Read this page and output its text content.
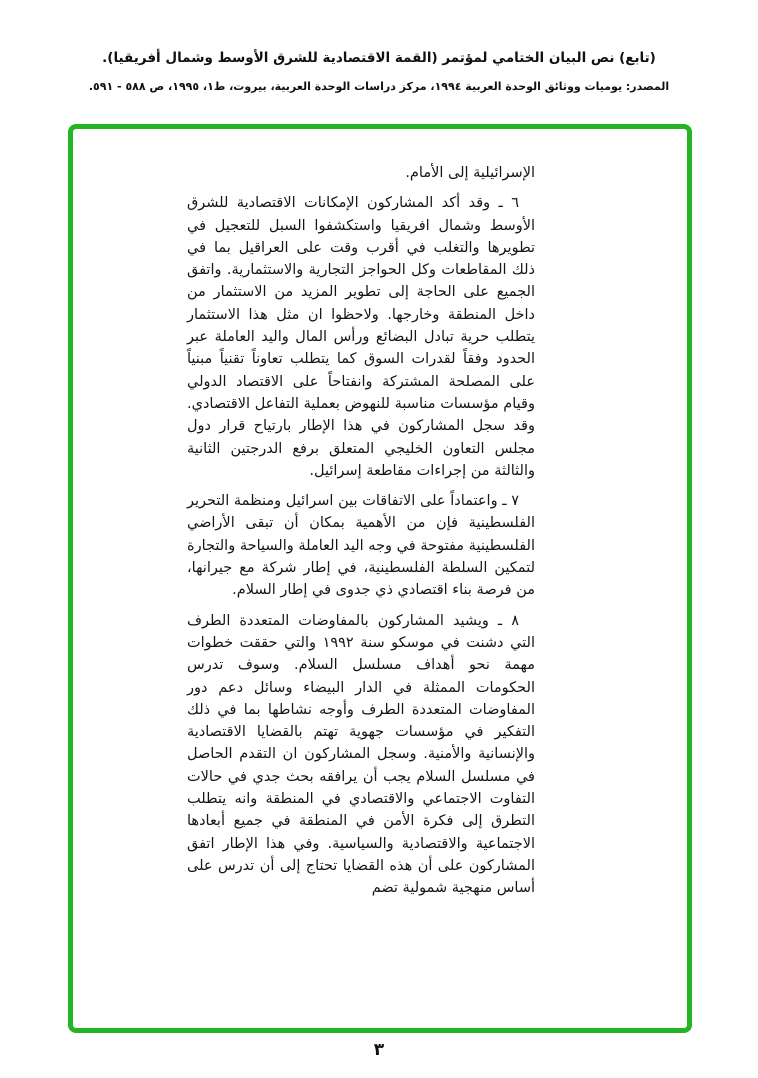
(تابع) نص البيان الختامي لمؤتمر (القمة الاقتصادية للشرق الأوسط وشمال أفريقيا).
المصدر: يوميات ووثائق الوحدة العربية ١٩٩٤، مركز دراسات الوحدة العربية، بيروت، ط١، ١٩٩٥، ص ٥٨٨ - ٥٩١.

الإسرائيلية إلى الأمام.

٦ ـ وقد أكد المشاركون الإمكانات الاقتصادية للشرق الأوسط وشمال افريقيا واستكشفوا السبل للتعجيل في تطويرها والتغلب في أقرب وقت على العراقيل بما في ذلك المقاطعات وكل الحواجز التجارية والاستثمارية. واتفق الجميع على الحاجة إلى تطوير المزيد من الاستثمار من داخل المنطقة وخارجها. ولاحظوا ان مثل هذا الاستثمار يتطلب حرية تبادل البضائع ورأس المال واليد العاملة عبر الحدود وفقاً لقدرات السوق كما يتطلب تعاوناً تقنياً مبنياً على المصلحة المشتركة وانفتاحاً على الاقتصاد الدولي وقيام مؤسسات مناسبة للنهوض بعملية التفاعل الاقتصادي. وقد سجل المشاركون في هذا الإطار بارتياح قرار دول مجلس التعاون الخليجي المتعلق برفع الدرجتين الثانية والثالثة من إجراءات مقاطعة إسرائيل.

٧ ـ واعتماداً على الاتفاقات بين اسرائيل ومنظمة التحرير الفلسطينية فإن من الأهمية بمكان أن تبقى الأراضي الفلسطينية مفتوحة في وجه اليد العاملة والسياحة والتجارة لتمكين السلطة الفلسطينية، في إطار شركة مع جيرانها، من فرصة بناء اقتصادي ذي جدوى في إطار السلام.

٨ ـ ويشيد المشاركون بالمفاوضات المتعددة الطرف التي دشنت في موسكو سنة ١٩٩٢ والتي حققت خطوات مهمة نحو أهداف مسلسل السلام. وسوف تدرس الحكومات الممثلة في الدار البيضاء وسائل دعم دور المفاوضات المتعددة الطرف وأوجه نشاطها بما في ذلك التفكير في مؤسسات جهوية تهتم بالقضايا الاقتصادية والإنسانية والأمنية. وسجل المشاركون ان التقدم الحاصل في مسلسل السلام يجب أن يرافقه بحث جدي في حالات التفاوت الاجتماعي والاقتصادي في المنطقة وانه يتطلب التطرق إلى فكرة الأمن في المنطقة في جميع أبعادها الاجتماعية والاقتصادية والسياسية. وفي هذا الإطار اتفق المشاركون على أن هذه القضايا تحتاج إلى أن تدرس على أساس منهجية شمولية تضم

٣
